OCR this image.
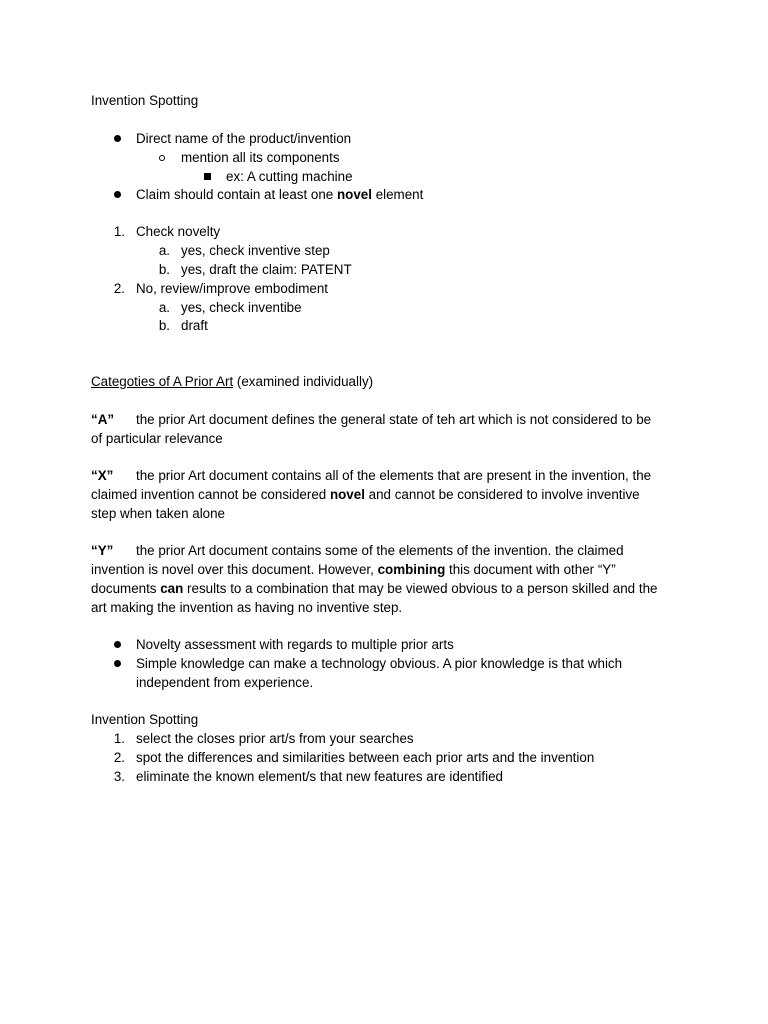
Invention Spotting
Direct name of the product/invention
mention all its components
ex: A cutting machine
Claim should contain at least one novel element
1. Check novelty
a. yes, check inventive step
b. yes, draft the claim: PATENT
2. No, review/improve embodiment
a. yes, check inventibe
b. draft
Categoties of A Prior Art (examined individually)
“A” the prior Art document defines the general state of teh art which is not considered to be
of particular relevance
“X” the prior Art document contains all of the elements that are present in the invention, the
claimed invention cannot be considered novel and cannot be considered to involve inventive
step when taken alone
“Y” the prior Art document contains some of the elements of the invention. the claimed
invention is novel over this document. However, combining this document with other “Y”
documents can results to a combination that may be viewed obvious to a person skilled and the
art making the invention as having no inventive step.
Novelty assessment with regards to multiple prior arts
Simple knowledge can make a technology obvious. A pior knowledge is that which
independent from experience.
Invention Spotting
1. select the closes prior art/s from your searches
2. spot the differences and similarities between each prior arts and the invention
3. eliminate the known element/s that new features are identified
